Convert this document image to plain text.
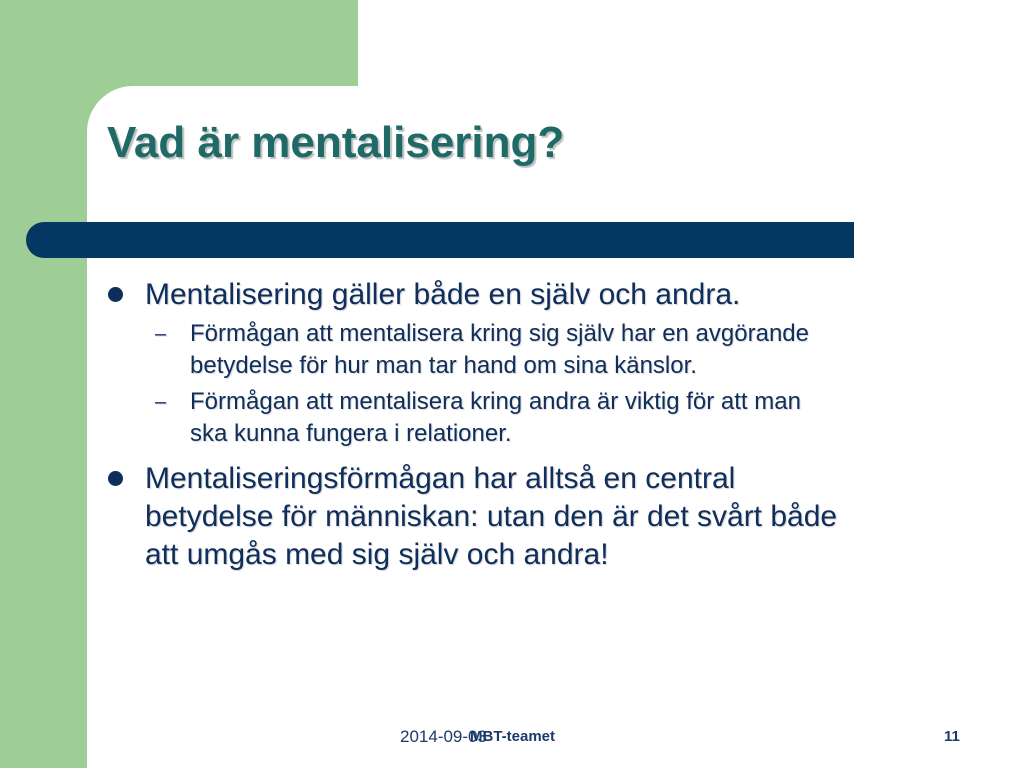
Vad är mentalisering?
Mentalisering gäller både en själv och andra.
– Förmågan att mentalisera kring sig själv har en avgörande
betydelse för hur man tar hand om sina känslor.
– Förmågan att mentalisera kring andra är viktig för att man
ska kunna fungera i relationer.
Mentaliseringsförmågan har alltså en central
betydelse för människan: utan den är det svårt både
att umgås med sig själv och andra!
2014-09-03
MBT-teamet	11
